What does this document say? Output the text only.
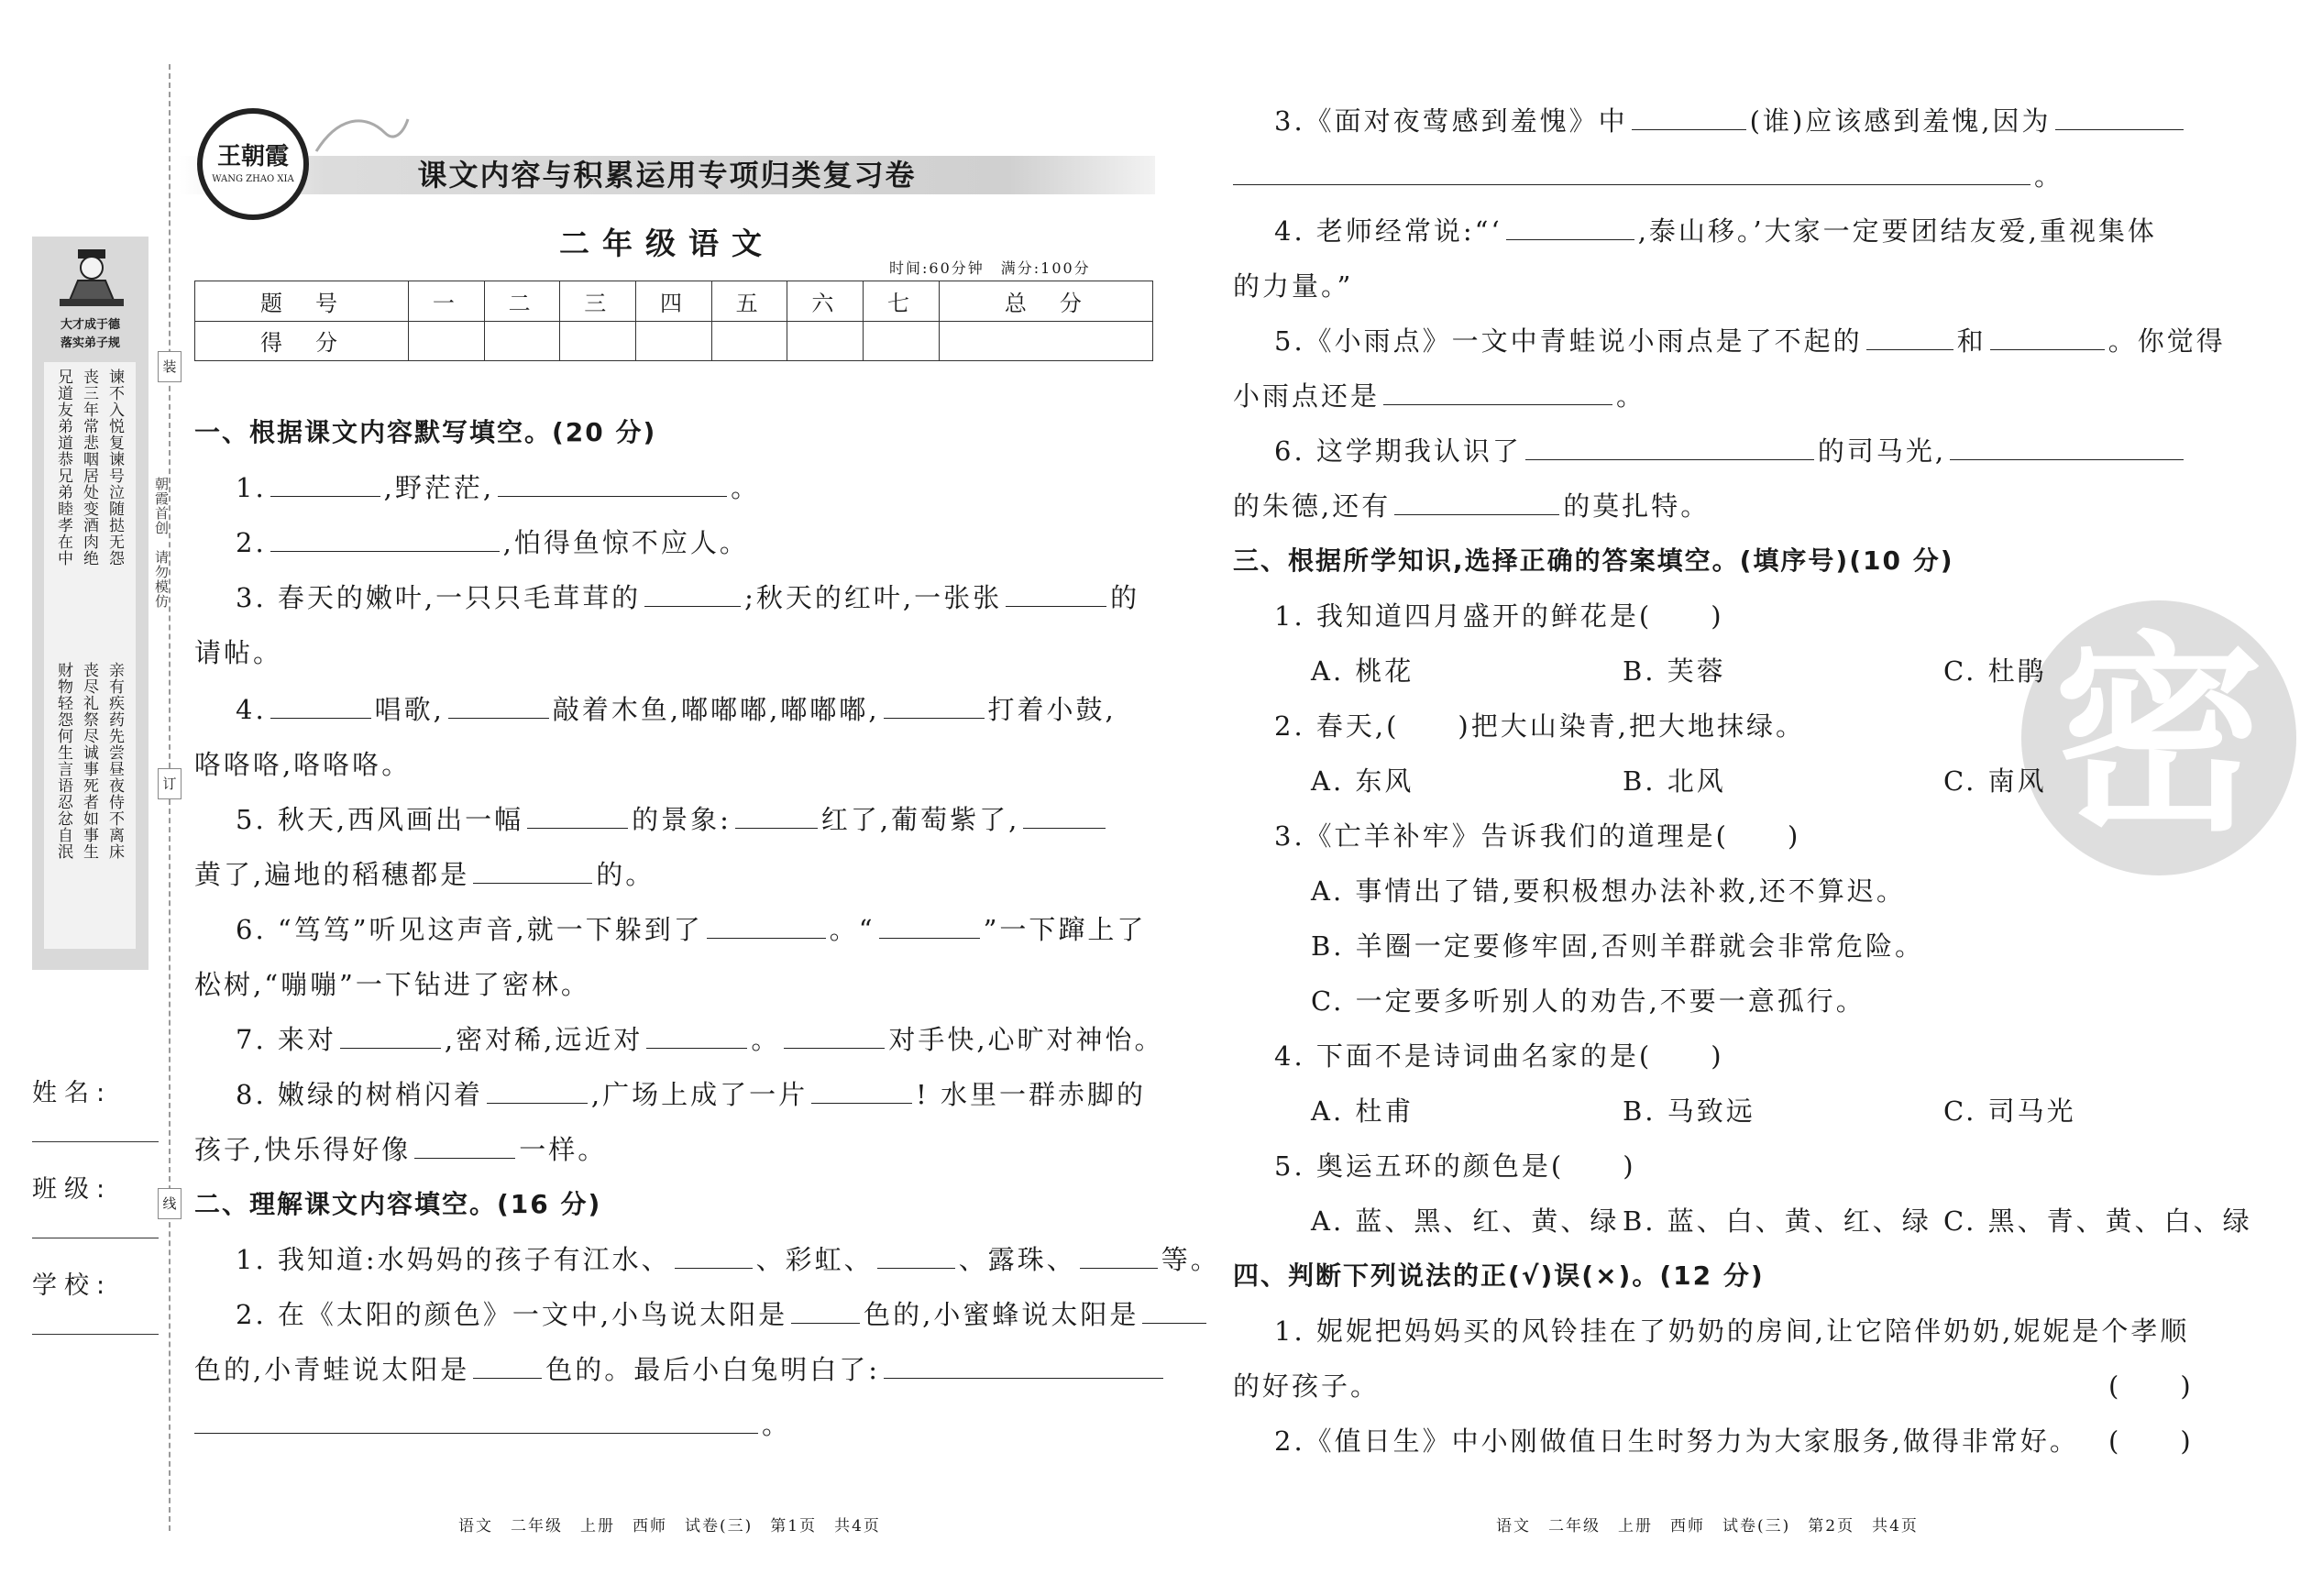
大才成于德
落实弟子规
兄道友弟道恭兄弟睦孝在中 丧三年常悲咽居处变酒肉绝 谏不入悦复谏号泣随挞无怨
财物轻怨何生言语忍忿自泯 丧尽礼祭尽诚事死者如事生 亲有疾药先尝昼夜侍不离床
姓名:
班级:
学校:
装
朝霞首创　请勿模仿
订
线
课文内容与积累运用专项归类复习卷
王朝霞
WANG ZHAO XIA
二年级语文
时间:60分钟　满分:100分
题　号	一	二	三	四	五	六	七	总　分
得　分								
一、根据课文内容默写填空。(20 分)
1.	,野茫茫,	。
2.	,怕得鱼惊不应人。
3. 春天的嫩叶,一只只毛茸茸的	;秋天的红叶,一张张	的
请帖。
4.	唱歌,	敲着木鱼,嘟嘟嘟,嘟嘟嘟,	打着小鼓,
咯咯咯,咯咯咯。
5. 秋天,西风画出一幅	的景象:	红了,葡萄紫了,
黄了,遍地的稻穗都是	的。
6. “笃笃”听见这声音,就一下躲到了	。“	”一下蹿上了
松树,“嘣嘣”一下钻进了密林。
7. 来对	,密对稀,远近对	。	对手快,心旷对神怡。
8. 嫩绿的树梢闪着	,广场上成了一片	! 水里一群赤脚的
孩子,快乐得好像	一样。
二、理解课文内容填空。(16 分)
1. 我知道:水妈妈的孩子有江水、	、彩虹、	、露珠、	等。
2. 在《太阳的颜色》一文中,小鸟说太阳是	色的,小蜜蜂说太阳是
色的,小青蛙说太阳是	色的。最后小白兔明白了:
。
密
3.《面对夜莺感到羞愧》中	(谁)应该感到羞愧,因为
。
4. 老师经常说:“‘	,泰山移。’大家一定要团结友爱,重视集体
的力量。”
5.《小雨点》一文中青蛙说小雨点是了不起的	和	。你觉得
小雨点还是	。
6. 这学期我认识了	的司马光,
的朱德,还有	的莫扎特。
三、根据所学知识,选择正确的答案填空。(填序号)(10 分)
1. 我知道四月盛开的鲜花是(　　)
A. 桃花	B. 芙蓉	C. 杜鹃
2. 春天,(　　)把大山染青,把大地抹绿。
A. 东风	B. 北风	C. 南风
3.《亡羊补牢》告诉我们的道理是(　　)
A. 事情出了错,要积极想办法补救,还不算迟。
B. 羊圈一定要修牢固,否则羊群就会非常危险。
C. 一定要多听别人的劝告,不要一意孤行。
4. 下面不是诗词曲名家的是(　　)
A. 杜甫	B. 马致远	C. 司马光
5. 奥运五环的颜色是(　　)
A. 蓝、黑、红、黄、绿 B. 蓝、白、黄、红、绿 C. 黑、青、黄、白、绿
四、判断下列说法的正(√)误(×)。(12 分)
1. 妮妮把妈妈买的风铃挂在了奶奶的房间,让它陪伴奶奶,妮妮是个孝顺
的好孩子。	(　　)
2.《值日生》中小刚做值日生时努力为大家服务,做得非常好。 (　　)
语文　二年级　上册　西师　试卷(三)　第1页　共4页	语文　二年级　上册　西师　试卷(三)　第2页　共4页
